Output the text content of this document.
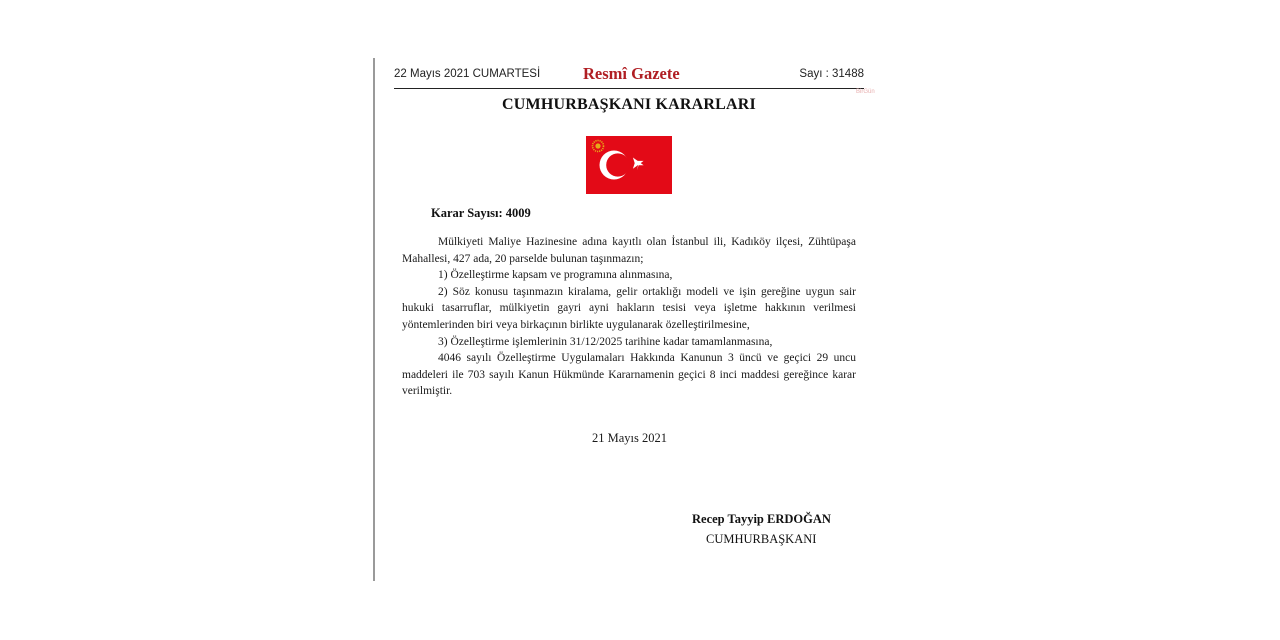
22 Mayıs 2021 CUMARTESİ	Resmî Gazete	Sayı : 31488
BirGün
CUMHURBAŞKANI KARARLARI
Karar Sayısı: 4009

Mülkiyeti Maliye Hazinesine adına kayıtlı olan İstanbul ili, Kadıköy ilçesi, Zühtüpaşa Mahallesi, 427 ada, 20 parselde bulunan taşınmazın;

1) Özelleştirme kapsam ve programına alınmasına,

2) Söz konusu taşınmazın kiralama, gelir ortaklığı modeli ve işin gereğine uygun sair hukuki tasarruflar, mülkiyetin gayri ayni hakların tesisi veya işletme hakkının verilmesi yöntemlerinden biri veya birkaçının birlikte uygulanarak özelleştirilmesine,

3) Özelleştirme işlemlerinin 31/12/2025 tarihine kadar tamamlanmasına,

4046 sayılı Özelleştirme Uygulamaları Hakkında Kanunun 3 üncü ve geçici 29 uncu maddeleri ile 703 sayılı Kanun Hükmünde Kararnamenin geçici 8 inci maddesi gereğince karar verilmiştir.

21 Mayıs 2021
Recep Tayyip ERDOĞAN
CUMHURBAŞKANI
